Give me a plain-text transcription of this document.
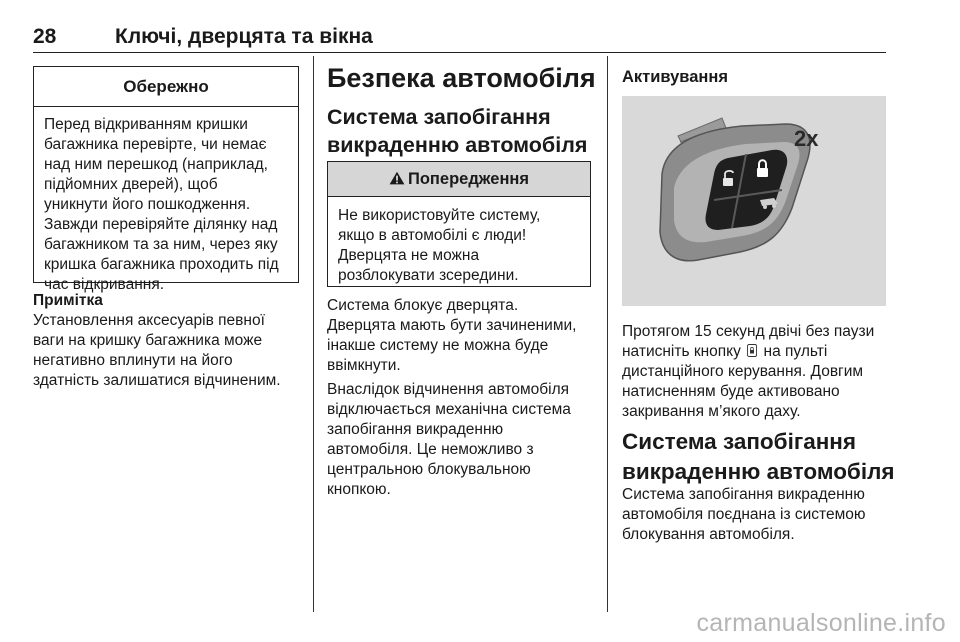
28	Ключі, дверцята та вікна
Обережно
Перед відкриванням кришки
багажника перевірте, чи немає
над ним перешкод (наприклад,
підйомних дверей), щоб
уникнути його пошкодження.
Завжди перевіряйте ділянку над
багажником та за ним, через яку
кришка багажника проходить під
час відкривання.
Примітка
Установлення аксесуарів певної
ваги на кришку багажника може
негативно вплинути на його
здатність залишатися відчиненим.
Безпека автомобіля
Система запобігання
викраденню автомобіля
Попередження
Не використовуйте систему,
якщо в автомобілі є люди!
Дверцята не можна
розблокувати зсередини.
Система блокує дверцята.
Дверцята мають бути зачиненими,
інакше систему не можна буде
ввімкнути.
Внаслідок відчинення автомобіля
відключається механічна система
запобігання викраденню
автомобіля. Це неможливо з
центральною блокувальною
кнопкою.
Активування
2x
Протягом 15 секунд двічі без паузи
натисніть кнопку на пульті
дистанційного керування. Довгим
натисненням буде активовано
закривання м’якого даху.
Система запобігання
викраденню автомобіля
Система запобігання викраденню
автомобіля поєднана із системою
блокування автомобіля.
carmanualsonline.info
